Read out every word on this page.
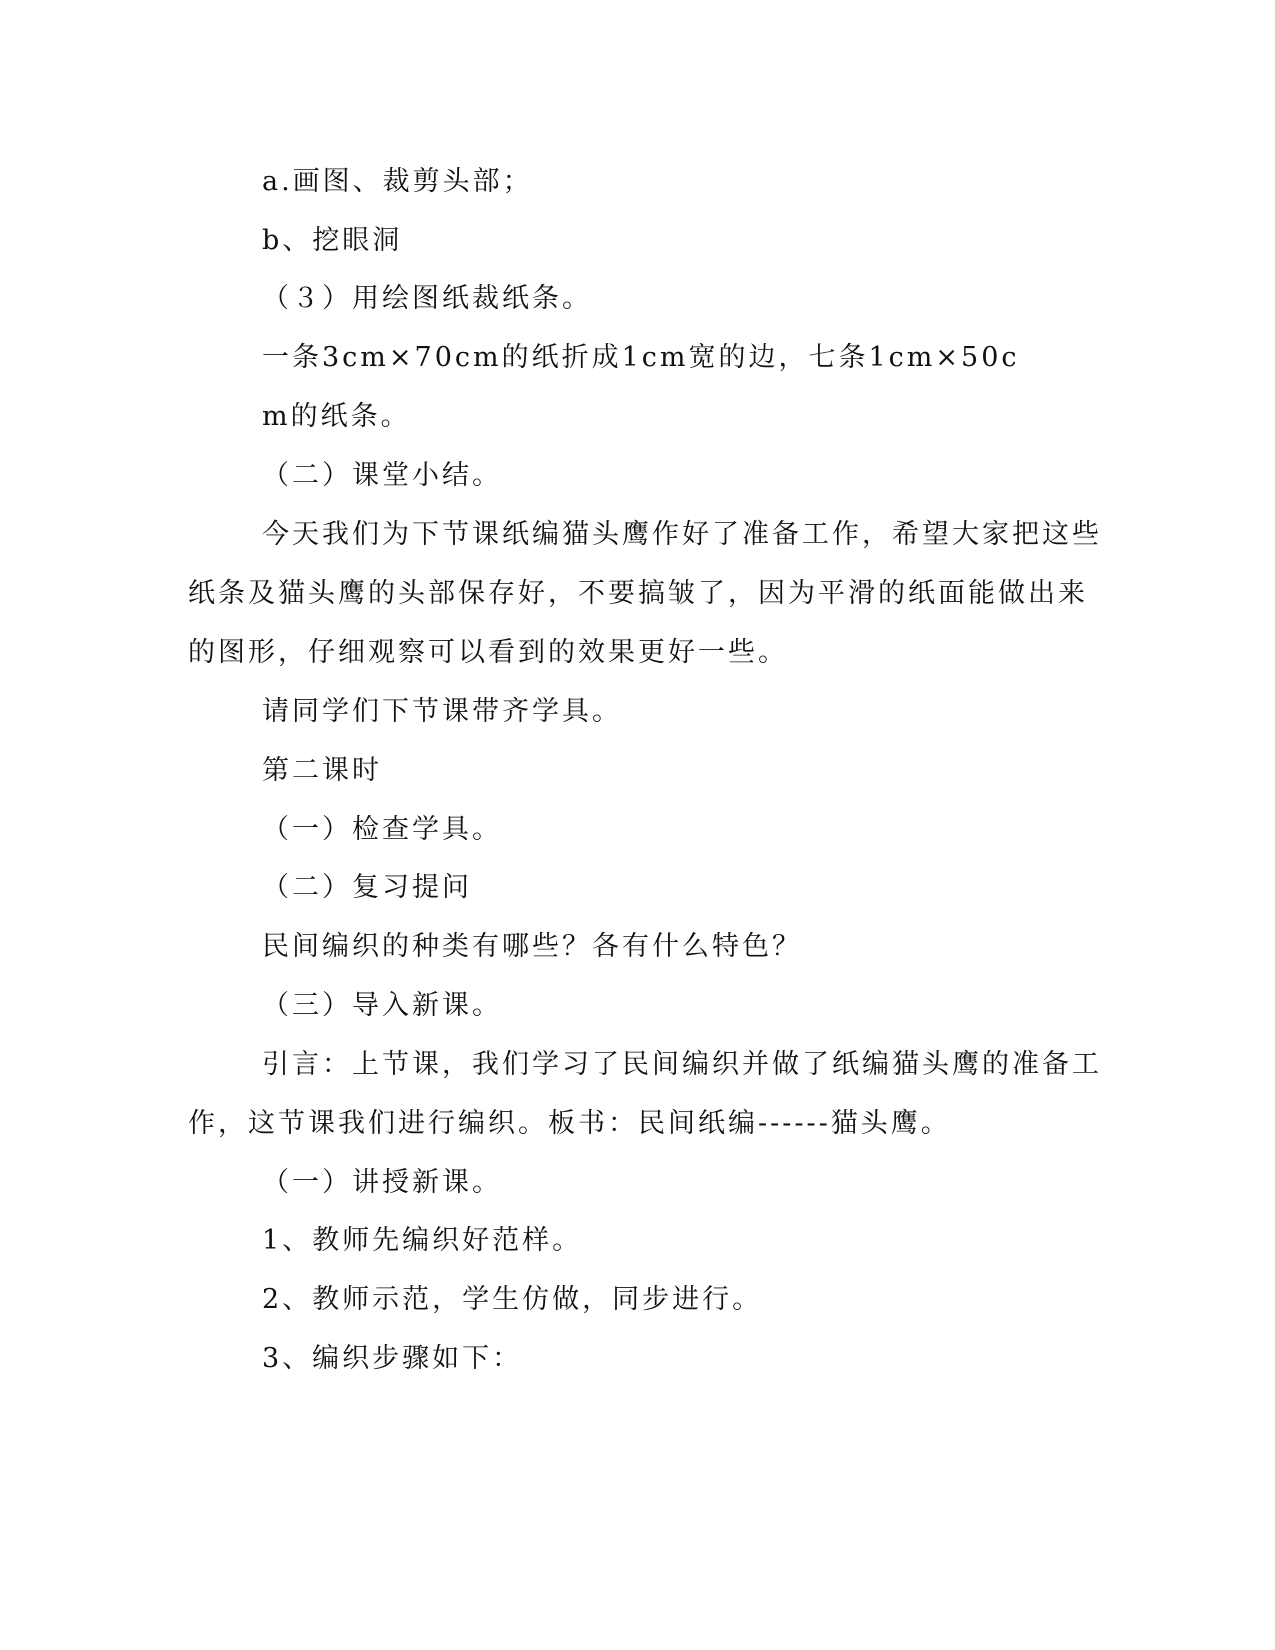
a.画图、裁剪头部；
b、挖眼洞
（３）用绘图纸裁纸条。
一条3cm×70cm的纸折成1cm宽的边，七条1cm×50c
m的纸条。
（二）课堂小结。
今天我们为下节课纸编猫头鹰作好了准备工作，希望大家把这些
纸条及猫头鹰的头部保存好，不要搞皱了，因为平滑的纸面能做出来
的图形，仔细观察可以看到的效果更好一些。
请同学们下节课带齐学具。
第二课时
（一）检查学具。
（二）复习提问
民间编织的种类有哪些？各有什么特色？
（三）导入新课。
引言：上节课，我们学习了民间编织并做了纸编猫头鹰的准备工
作，这节课我们进行编织。板书：民间纸编------猫头鹰。
（一）讲授新课。
1、教师先编织好范样。
2、教师示范，学生仿做，同步进行。
3、编织步骤如下：
